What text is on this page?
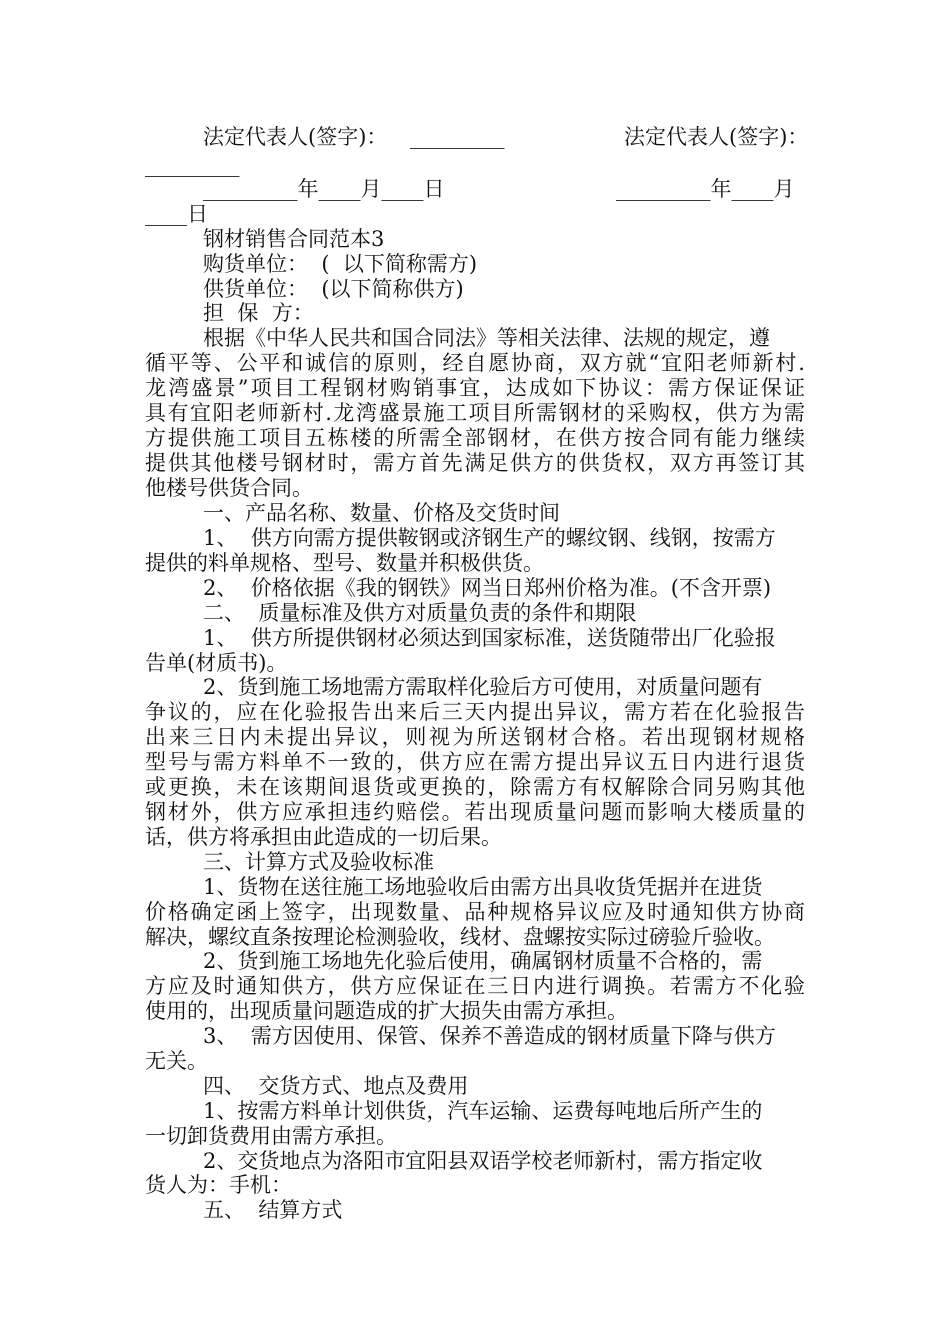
法定代表人(签字)： _________	法定代表人(签字)：
_________
_________年____月____日	_________年____月
____日
钢材销售合同范本3
购货单位：  (  以下简称需方)
供货单位：  (以下简称供方)
担  保  方：
根据《中华人民共和国合同法》等相关法律、法规的规定，遵
循平等、公平和诚信的原则，经自愿协商，双方就“宜阳老师新村.
龙湾盛景”项目工程钢材购销事宜，达成如下协议：需方保证保证
具有宜阳老师新村.龙湾盛景施工项目所需钢材的采购权，供方为需
方提供施工项目五栋楼的所需全部钢材，在供方按合同有能力继续
提供其他楼号钢材时，需方首先满足供方的供货权，双方再签订其
他楼号供货合同。
一、产品名称、数量、价格及交货时间
1、  供方向需方提供鞍钢或济钢生产的螺纹钢、线钢，按需方
提供的料单规格、型号、数量并积极供货。
2、  价格依据《我的钢铁》网当日郑州价格为准。(不含开票)
二、  质量标准及供方对质量负责的条件和期限
1、  供方所提供钢材必须达到国家标准，送货随带出厂化验报
告单(材质书)。
2、货到施工场地需方需取样化验后方可使用，对质量问题有
争议的，应在化验报告出来后三天内提出异议，需方若在化验报告
出来三日内未提出异议，则视为所送钢材合格。若出现钢材规格
型号与需方料单不一致的，供方应在需方提出异议五日内进行退货
或更换，未在该期间退货或更换的，除需方有权解除合同另购其他
钢材外，供方应承担违约赔偿。若出现质量问题而影响大楼质量的
话，供方将承担由此造成的一切后果。
三、计算方式及验收标准
1、货物在送往施工场地验收后由需方出具收货凭据并在进货
价格确定函上签字，出现数量、品种规格异议应及时通知供方协商
解决，螺纹直条按理论检测验收，线材、盘螺按实际过磅验斤验收。
2、货到施工场地先化验后使用，确属钢材质量不合格的，需
方应及时通知供方，供方应保证在三日内进行调换。若需方不化验
使用的，出现质量问题造成的扩大损失由需方承担。
3、  需方因使用、保管、保养不善造成的钢材质量下降与供方
无关。
四、  交货方式、地点及费用
1、按需方料单计划供货，汽车运输、运费每吨地后所产生的
一切卸货费用由需方承担。
2、交货地点为洛阳市宜阳县双语学校老师新村，需方指定收
货人为：手机：
五、  结算方式
